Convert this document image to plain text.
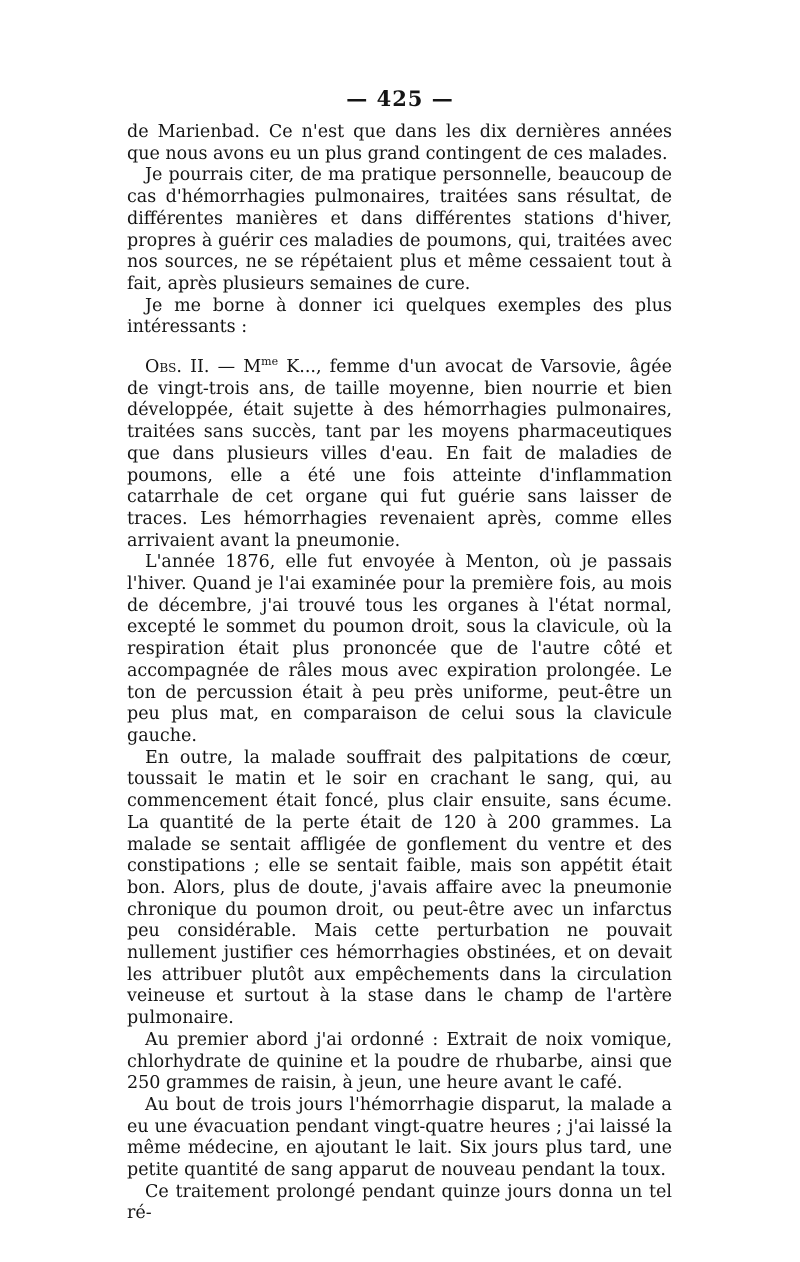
— 425 —

de Marienbad. Ce n'est que dans les dix dernières années que nous avons eu un plus grand contingent de ces malades.

Je pourrais citer, de ma pratique personnelle, beaucoup de cas d'hémorrhagies pulmonaires, traitées sans résultat, de différentes manières et dans différentes stations d'hiver, propres à guérir ces maladies de poumons, qui, traitées avec nos sources, ne se répétaient plus et même cessaient tout à fait, après plusieurs semaines de cure.

Je me borne à donner ici quelques exemples des plus intéressants :

Obs. II. — $M^{me}$ K..., femme d'un avocat de Varsovie, âgée de vingt-trois ans, de taille moyenne, bien nourrie et bien développée, était sujette à des hémorrhagies pulmonaires, traitées sans succès, tant par les moyens pharmaceutiques que dans plusieurs villes d'eau. En fait de maladies de poumons, elle a été une fois atteinte d'inflammation catarrhale de cet organe qui fut guérie sans laisser de traces. Les hémorrhagies revenaient après, comme elles arrivaient avant la pneumonie.

L'année 1876, elle fut envoyée à Menton, où je passais l'hiver. Quand je l'ai examinée pour la première fois, au mois de décembre, j'ai trouvé tous les organes à l'état normal, excepté le sommet du poumon droit, sous la clavicule, où la respiration était plus prononcée que de l'autre côté et accompagnée de râles mous avec expiration prolongée. Le ton de percussion était à peu près uniforme, peut-être un peu plus mat, en comparaison de celui sous la clavicule gauche.

En outre, la malade souffrait des palpitations de cœur, toussait le matin et le soir en crachant le sang, qui, au commencement était foncé, plus clair ensuite, sans écume. La quantité de la perte était de 120 à 200 grammes. La malade se sentait affligée de gonflement du ventre et des constipations ; elle se sentait faible, mais son appétit était bon. Alors, plus de doute, j'avais affaire avec la pneumonie chronique du poumon droit, ou peut-être avec un infarctus peu considérable. Mais cette perturbation ne pouvait nullement justifier ces hémorrhagies obstinées, et on devait les attribuer plutôt aux empêchements dans la circulation veineuse et surtout à la stase dans le champ de l'artère pulmonaire.

Au premier abord j'ai ordonné : Extrait de noix vomique, chlorhydrate de quinine et la poudre de rhubarbe, ainsi que 250 grammes de raisin, à jeun, une heure avant le café.

Au bout de trois jours l'hémorrhagie disparut, la malade a eu une évacuation pendant vingt-quatre heures ; j'ai laissé la même médecine, en ajoutant le lait. Six jours plus tard, une petite quantité de sang apparut de nouveau pendant la toux.

Ce traitement prolongé pendant quinze jours donna un tel ré-
